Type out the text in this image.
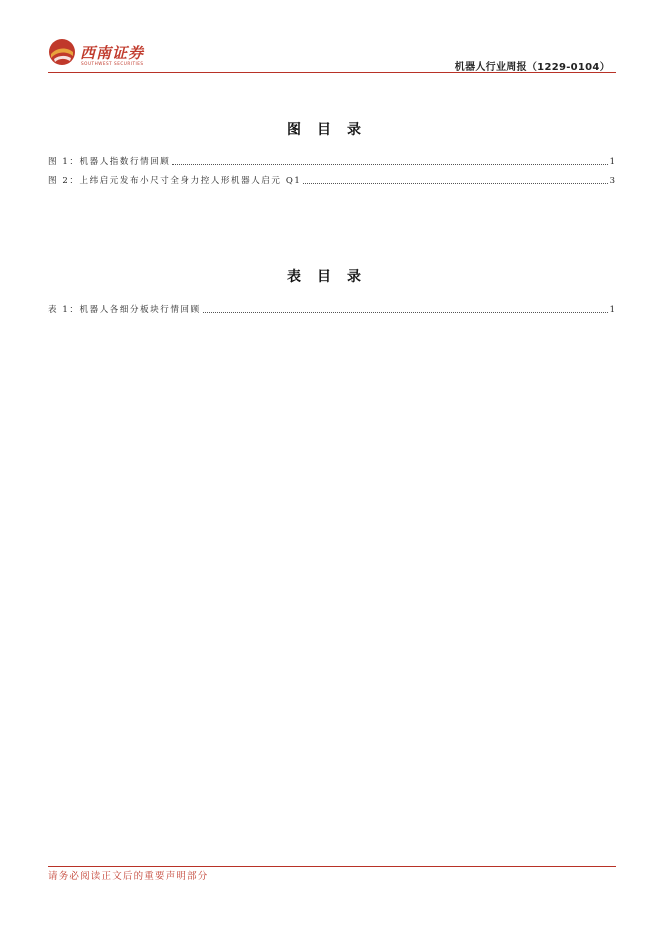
西南证券
SOUTHWEST SECURITIES	机器人行业周报（1229-0104）
图目录
图 1：机器人指数行情回顾	1
图 2：上纬启元发布小尺寸全身力控人形机器人启元 Q1	3
表目录
表 1：机器人各细分板块行情回顾	1
请务必阅读正文后的重要声明部分
